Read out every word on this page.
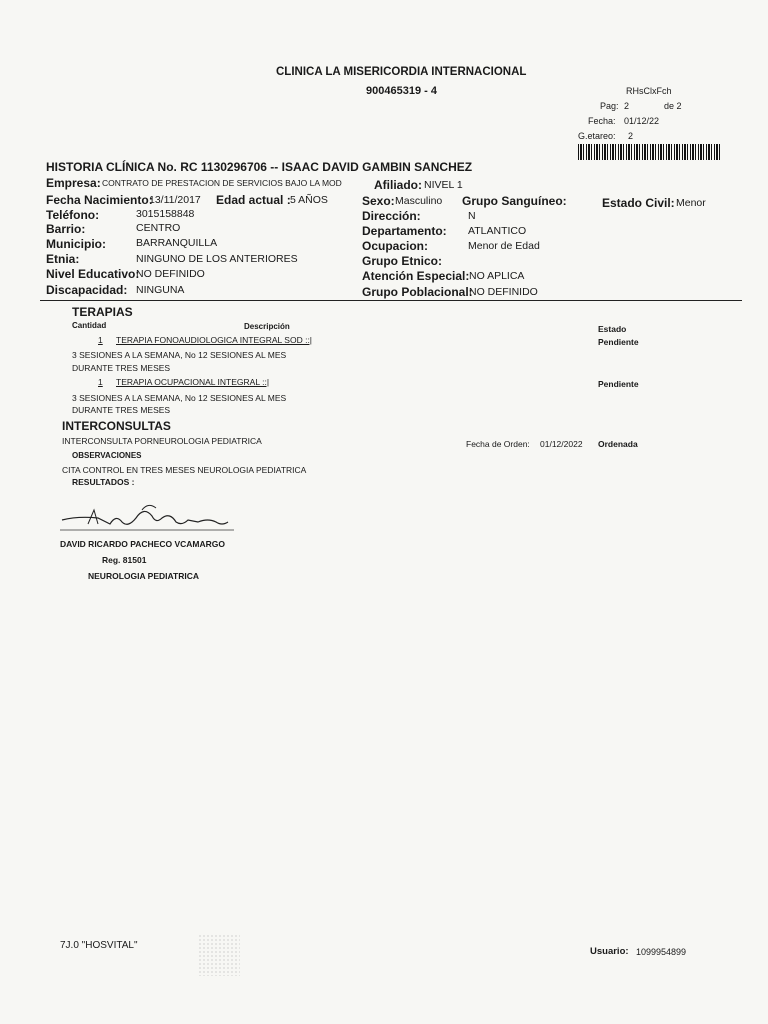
CLINICA LA MISERICORDIA INTERNACIONAL
900465319 - 4	RHsClxFch
Pag: 2	de 2
Fecha: 01/12/22
G.etareo: 2
HISTORIA CLÍNICA No. RC 1130296706 -- ISAAC DAVID GAMBIN SANCHEZ
Empresa: CONTRATO DE PRESTACION DE SERVICIOS BAJO LA MOD	Afiliado: NIVEL 1
Fecha Nacimiento:
13/11/2017 Edad actual : 5 AÑOS	Sexo: Masculino Grupo Sanguíneo:	Estado Civil: Menor
Teléfono:	3015158848	Dirección:	N
Barrio:	CENTRO	Departamento: ATLANTICO
Municipio:	BARRANQUILLA	Ocupacion:	Menor de Edad
Etnia:	NINGUNO DE LOS ANTERIORES	Grupo Etnico:
Nivel Educativo:
NO DEFINIDO	Atención Especial: NO APLICA
Discapacidad: NINGUNA	Grupo Poblacional:
NO DEFINIDO
TERAPIAS
Cantidad	Descripción	Estado
1 TERAPIA FONOAUDIOLOGICA INTEGRAL SOD ::|	Pendiente
3 SESIONES A LA SEMANA, No 12 SESIONES AL MES
DURANTE TRES MESES
1 TERAPIA OCUPACIONAL INTEGRAL ::|	Pendiente
3 SESIONES A LA SEMANA, No 12 SESIONES AL MES
DURANTE TRES MESES
INTERCONSULTAS
INTERCONSULTA PORNEUROLOGIA PEDIATRICA	Fecha de Orden: 01/12/2022 Ordenada
OBSERVACIONES
CITA CONTROL EN TRES MESES NEUROLOGIA PEDIATRICA
RESULTADOS :
DAVID RICARDO PACHECO VCAMARGO
Reg. 81501
NEUROLOGIA PEDIATRICA
7J.0 "HOSVITAL"
Usuario: 1099954899
